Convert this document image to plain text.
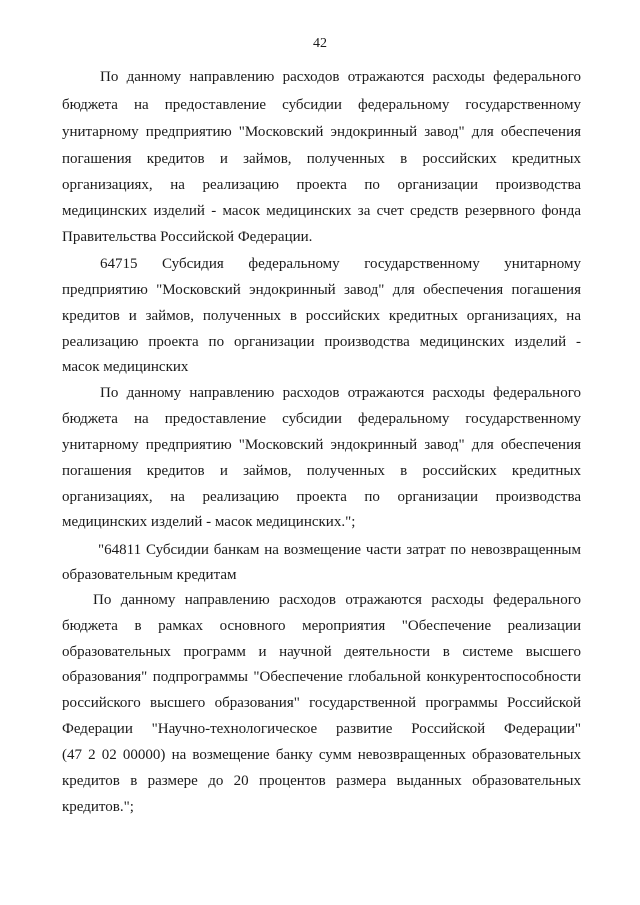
42
По данному направлению расходов отражаются расходы федерального
бюджета на предоставление субсидии федеральному государственному
унитарному предприятию "Московский эндокринный завод" для обеспечения
погашения кредитов и займов, полученных в российских кредитных
организациях, на реализацию проекта по организации производства
медицинских изделий - масок медицинских за счет средств резервного фонда
Правительства Российской Федерации.
64715 Субсидия федеральному государственному унитарному
предприятию "Московский эндокринный завод" для обеспечения погашения
кредитов и займов, полученных в российских кредитных организациях, на
реализацию проекта по организации производства медицинских изделий -
масок медицинских
По данному направлению расходов отражаются расходы федерального
бюджета на предоставление субсидии федеральному государственному
унитарному предприятию "Московский эндокринный завод" для обеспечения
погашения кредитов и займов, полученных в российских кредитных
организациях, на реализацию проекта по организации производства
медицинских изделий - масок медицинских.";
"64811 Субсидии банкам на возмещение части затрат по невозвращенным
образовательным кредитам
По данному направлению расходов отражаются расходы федерального
бюджета в рамках основного мероприятия "Обеспечение реализации
образовательных программ и научной деятельности в системе высшего
образования" подпрограммы "Обеспечение глобальной конкурентоспособности
российского высшего образования" государственной программы Российской
Федерации "Научно-технологическое развитие Российской Федерации"
(47 2 02 00000) на возмещение банку сумм невозвращенных образовательных
кредитов в размере до 20 процентов размера выданных образовательных
кредитов.";
